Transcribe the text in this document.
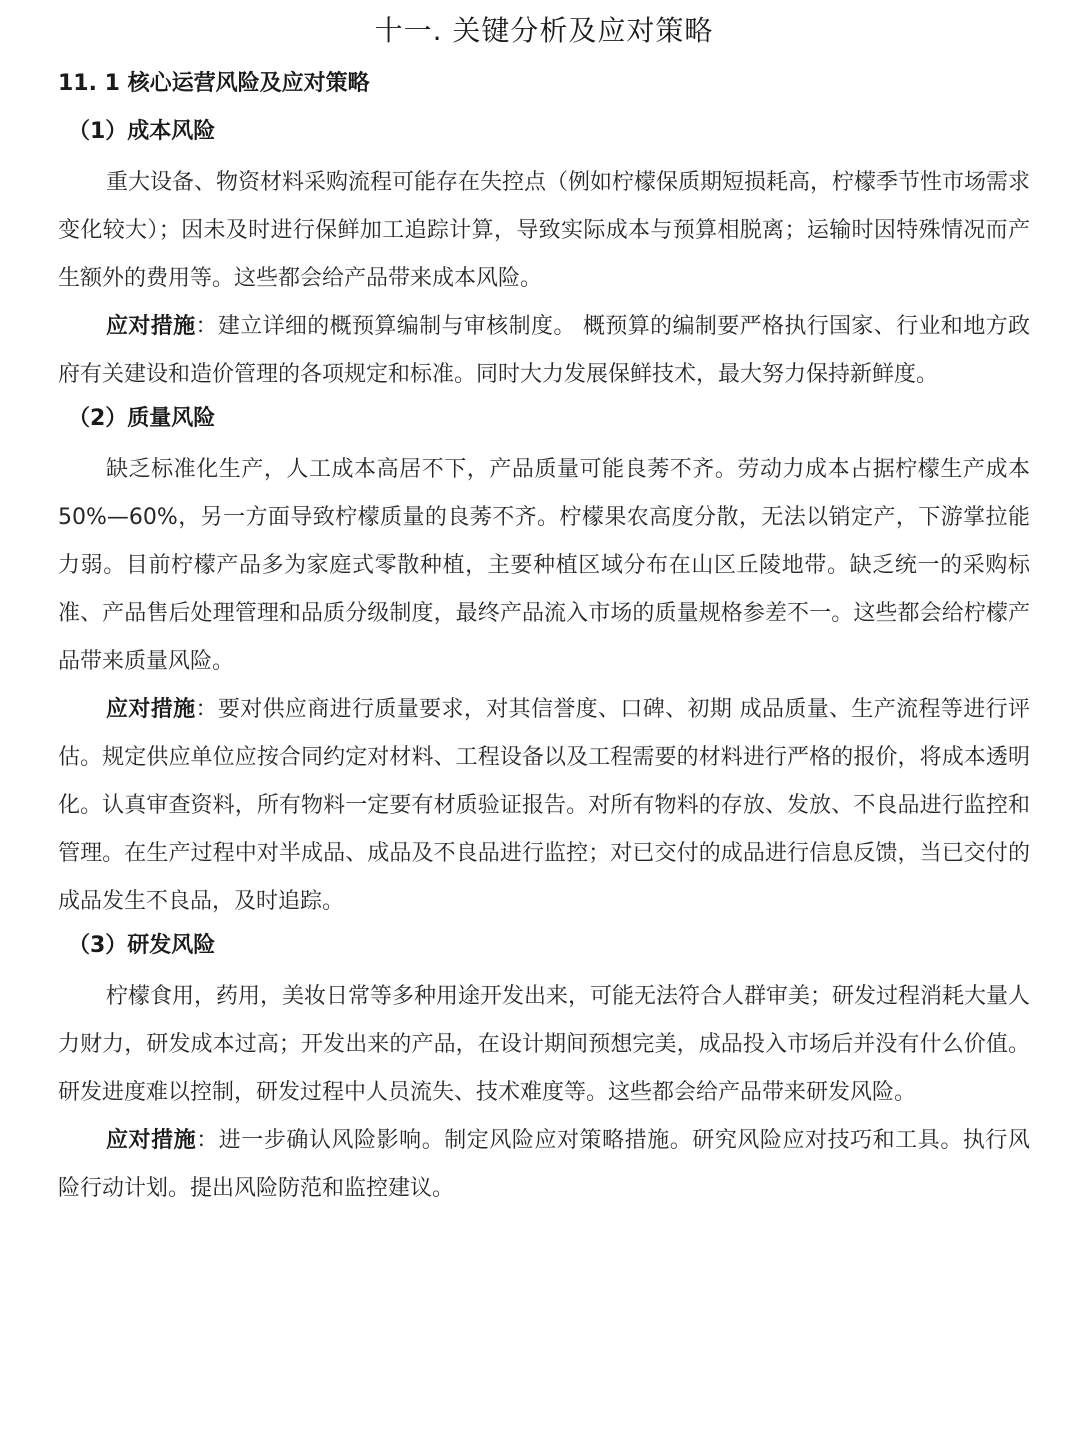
十一. 关键分析及应对策略
11. 1 核心运营风险及应对策略
（1）成本风险

重大设备、物资材料采购流程可能存在失控点（例如柠檬保质期短损耗高，柠檬季节性市场需求变化较大）；因未及时进行保鲜加工追踪计算，导致实际成本与预算相脱离；运输时因特殊情况而产生额外的费用等。这些都会给产品带来成本风险。

应对措施：建立详细的概预算编制与审核制度。 概预算的编制要严格执行国家、行业和地方政府有关建设和造价管理的各项规定和标准。同时大力发展保鲜技术，最大努力保持新鲜度。

（2）质量风险

缺乏标准化生产，人工成本高居不下，产品质量可能良莠不齐。劳动力成本占据柠檬生产成本 50%—60%，另一方面导致柠檬质量的良莠不齐。柠檬果农高度分散，无法以销定产，下游掌拉能力弱。目前柠檬产品多为家庭式零散种植，主要种植区域分布在山区丘陵地带。缺乏统一的采购标准、产品售后处理管理和品质分级制度，最终产品流入市场的质量规格参差不一。这些都会给柠檬产品带来质量风险。

应对措施：要对供应商进行质量要求，对其信誉度、口碑、初期 成品质量、生产流程等进行评估。规定供应单位应按合同约定对材料、工程设备以及工程需要的材料进行严格的报价，将成本透明化。认真审查资料，所有物料一定要有材质验证报告。对所有物料的存放、发放、不良品进行监控和管理。在生产过程中对半成品、成品及不良品进行监控；对已交付的成品进行信息反馈，当已交付的成品发生不良品，及时追踪。

（3）研发风险

柠檬食用，药用，美妆日常等多种用途开发出来，可能无法符合人群审美；研发过程消耗大量人力财力，研发成本过高；开发出来的产品，在设计期间预想完美，成品投入市场后并没有什么价值。研发进度难以控制，研发过程中人员流失、技术难度等。这些都会给产品带来研发风险。

应对措施：进一步确认风险影响。制定风险应对策略措施。研究风险应对技巧和工具。执行风险行动计划。提出风险防范和监控建议。
